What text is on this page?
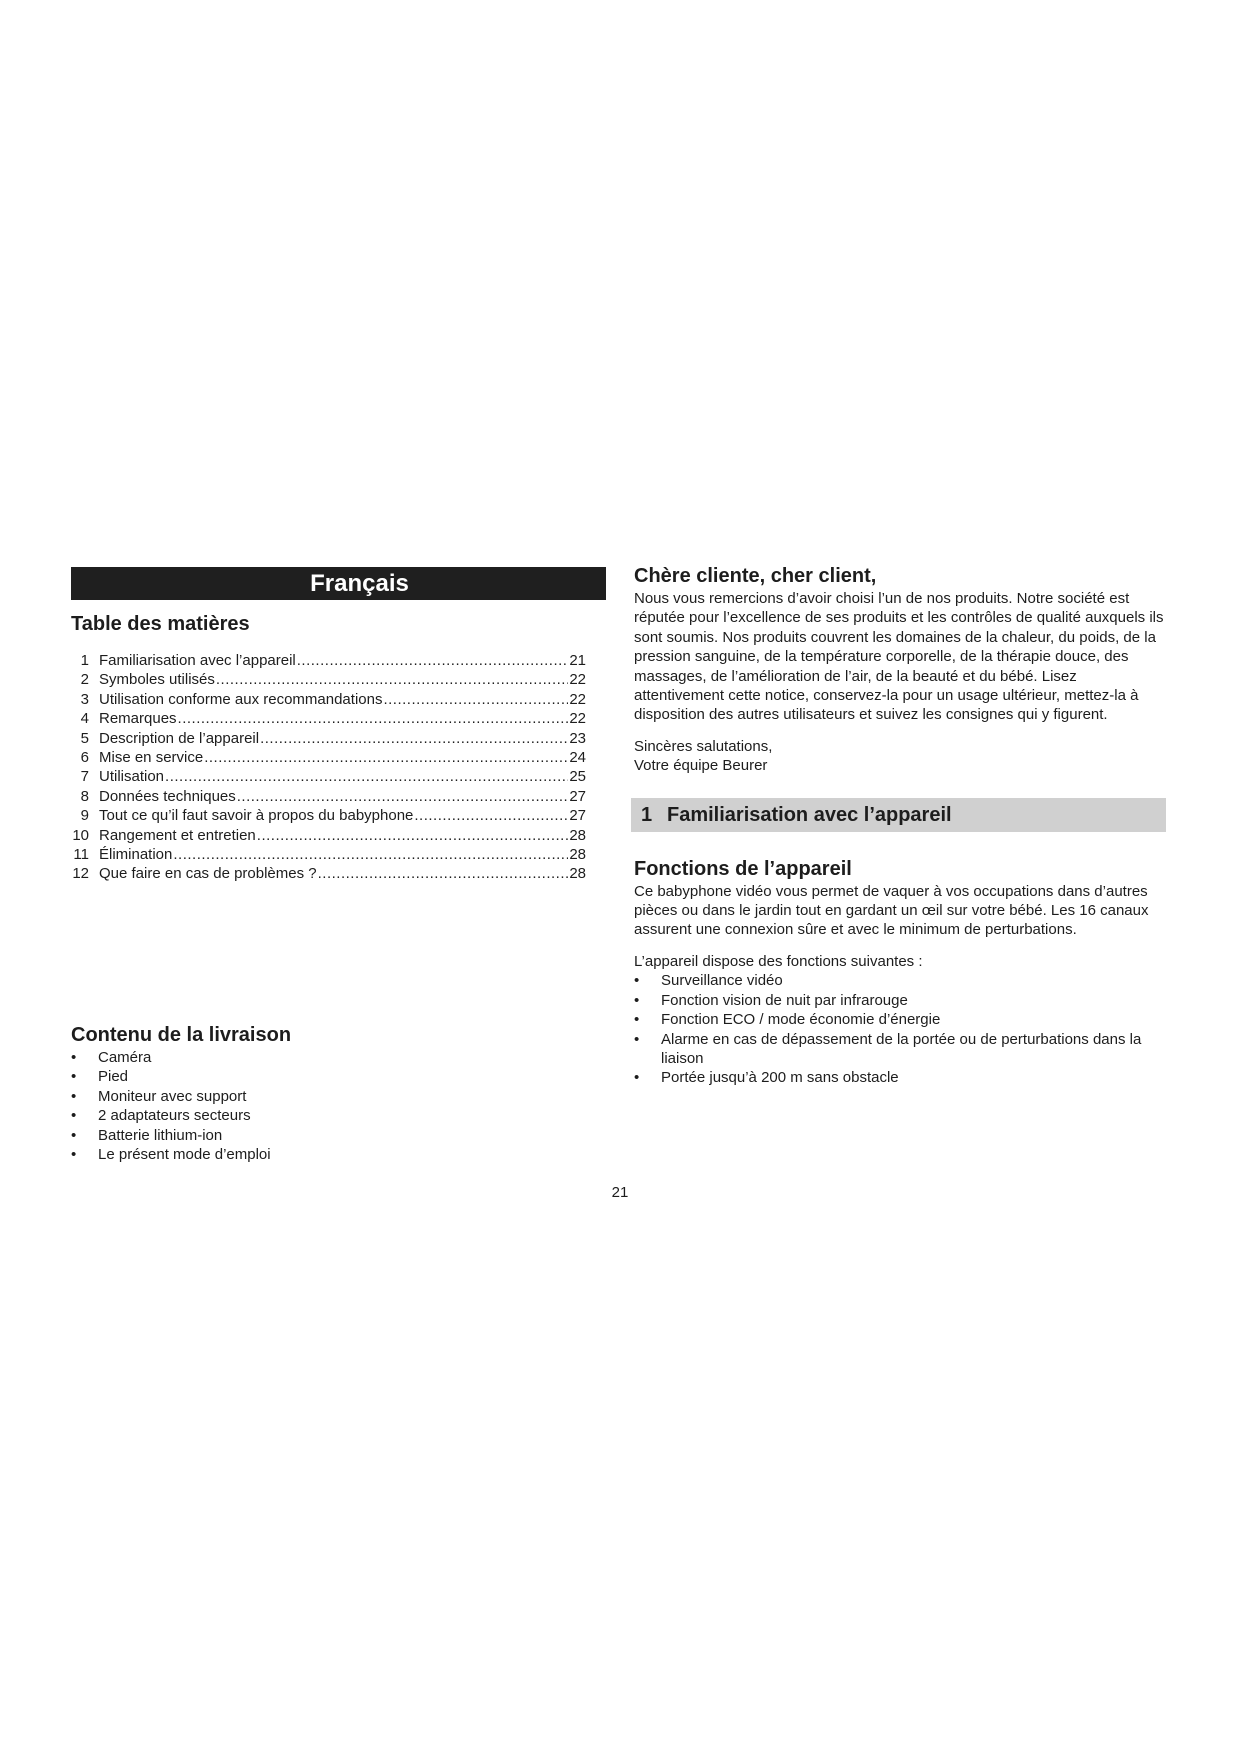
Français
Table des matières
1 Familiarisation avec l’appareil .....	21
2 Symboles utilisés .....	22
3 Utilisation conforme aux recommandations .....	22
4 Remarques .....	22
5 Description de l’appareil .....	23
6 Mise en service .....	24
7 Utilisation .....	25
8 Données techniques .....	27
9 Tout ce qu’il faut savoir à propos du babyphone .....	27
10 Rangement et entretien .....	28
11 Élimination .....	28
12 Que faire en cas de problèmes ? .....	28
Contenu de la livraison
• Caméra
• Pied
• Moniteur avec support
• 2 adaptateurs secteurs
• Batterie lithium-ion
• Le présent mode d’emploi
Chère cliente, cher client,

Nous vous remercions d’avoir choisi l’un de nos produits. Notre société est réputée pour l’excellence de ses produits et les contrôles de qualité auxquels ils sont soumis. Nos produits couvrent les domaines de la chaleur, du poids, de la pression sanguine, de la température corporelle, de la thérapie douce, des massages, de l’amélioration de l’air, de la beauté et du bébé. Lisez attentivement cette notice, conservez-la pour un usage ultérieur, mettez-la à disposition des autres utilisateurs et suivez les consignes qui y figurent.

Sincères salutations,

Votre équipe Beurer

1 Familiarisation avec l’appareil
Fonctions de l’appareil

Ce babyphone vidéo vous permet de vaquer à vos occupations dans d’autres pièces ou dans le jardin tout en gardant un œil sur votre bébé. Les 16 canaux assurent une connexion sûre et avec le minimum de perturbations.

L’appareil dispose des fonctions suivantes :

• Surveillance vidéo
• Fonction vision de nuit par infrarouge
• Fonction ECO / mode économie d’énergie
• Alarme en cas de dépassement de la portée ou de perturbations dans la liaison
• Portée jusqu’à 200 m sans obstacle
21
